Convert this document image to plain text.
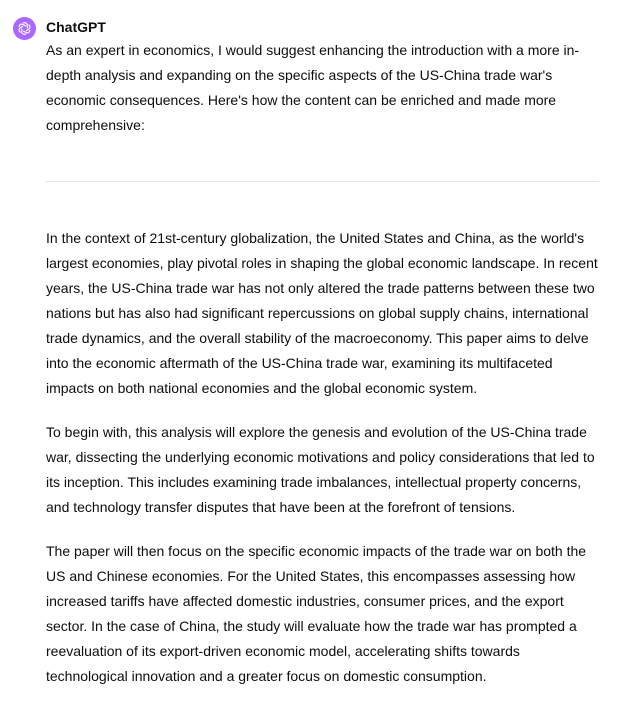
ChatGPT

As an expert in economics, I would suggest enhancing the introduction with a more in-depth analysis and expanding on the specific aspects of the US-China trade war's economic consequences. Here's how the content can be enriched and made more comprehensive:

In the context of 21st-century globalization, the United States and China, as the world's largest economies, play pivotal roles in shaping the global economic landscape. In recent years, the US-China trade war has not only altered the trade patterns between these two nations but has also had significant repercussions on global supply chains, international trade dynamics, and the overall stability of the macroeconomy. This paper aims to delve into the economic aftermath of the US-China trade war, examining its multifaceted impacts on both national economies and the global economic system.

To begin with, this analysis will explore the genesis and evolution of the US-China trade war, dissecting the underlying economic motivations and policy considerations that led to its inception. This includes examining trade imbalances, intellectual property concerns, and technology transfer disputes that have been at the forefront of tensions.

The paper will then focus on the specific economic impacts of the trade war on both the US and Chinese economies. For the United States, this encompasses assessing how increased tariffs have affected domestic industries, consumer prices, and the export sector. In the case of China, the study will evaluate how the trade war has prompted a reevaluation of its export-driven economic model, accelerating shifts towards technological innovation and a greater focus on domestic consumption.
